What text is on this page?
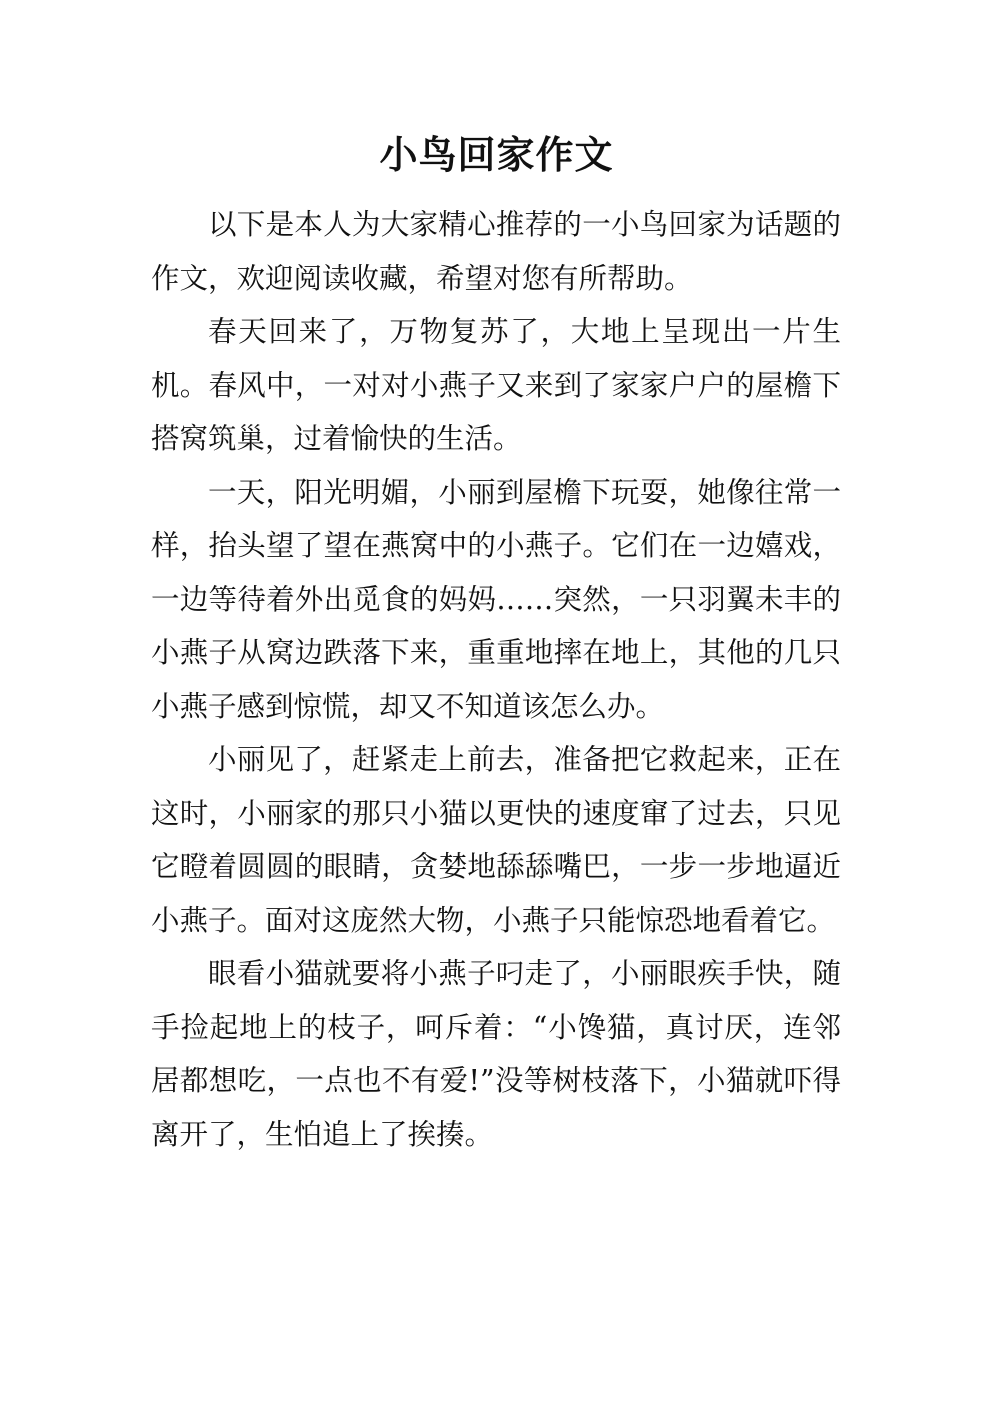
小鸟回家作文

以下是本人为大家精心推荐的一小鸟回家为话题的作文，欢迎阅读收藏，希望对您有所帮助。

春天回来了，万物复苏了，大地上呈现出一片生机。春风中，一对对小燕子又来到了家家户户的屋檐下搭窝筑巢，过着愉快的生活。

一天，阳光明媚，小丽到屋檐下玩耍，她像往常一样，抬头望了望在燕窝中的小燕子。它们在一边嬉戏，一边等待着外出觅食的妈妈……突然，一只羽翼未丰的小燕子从窝边跌落下来，重重地摔在地上，其他的几只小燕子感到惊慌，却又不知道该怎么办。

小丽见了，赶紧走上前去，准备把它救起来，正在这时，小丽家的那只小猫以更快的速度窜了过去，只见它瞪着圆圆的眼睛，贪婪地舔舔嘴巴，一步一步地逼近小燕子。面对这庞然大物，小燕子只能惊恐地看着它。

眼看小猫就要将小燕子叼走了，小丽眼疾手快，随手捡起地上的枝子，呵斥着：“小馋猫，真讨厌，连邻居都想吃，一点也不有爱!”没等树枝落下，小猫就吓得离开了，生怕追上了挨揍。
